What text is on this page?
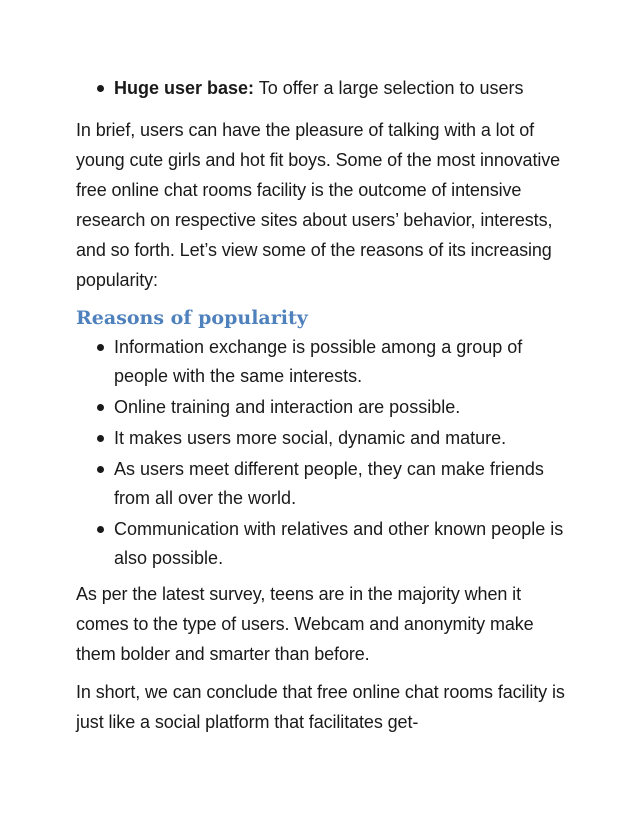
Huge user base: To offer a large selection to users

In brief, users can have the pleasure of talking with a lot of young cute girls and hot fit boys. Some of the most innovative free online chat rooms facility is the outcome of intensive research on respective sites about users’ behavior, interests, and so forth. Let’s view some of the reasons of its increasing popularity:

Reasons of popularity
Information exchange is possible among a group of people with the same interests.
Online training and interaction are possible.
It makes users more social, dynamic and mature.
As users meet different people, they can make friends from all over the world.
Communication with relatives and other known people is also possible.

As per the latest survey, teens are in the majority when it comes to the type of users. Webcam and anonymity make them bolder and smarter than before.

In short, we can conclude that free online chat rooms facility is just like a social platform that facilitates get-
